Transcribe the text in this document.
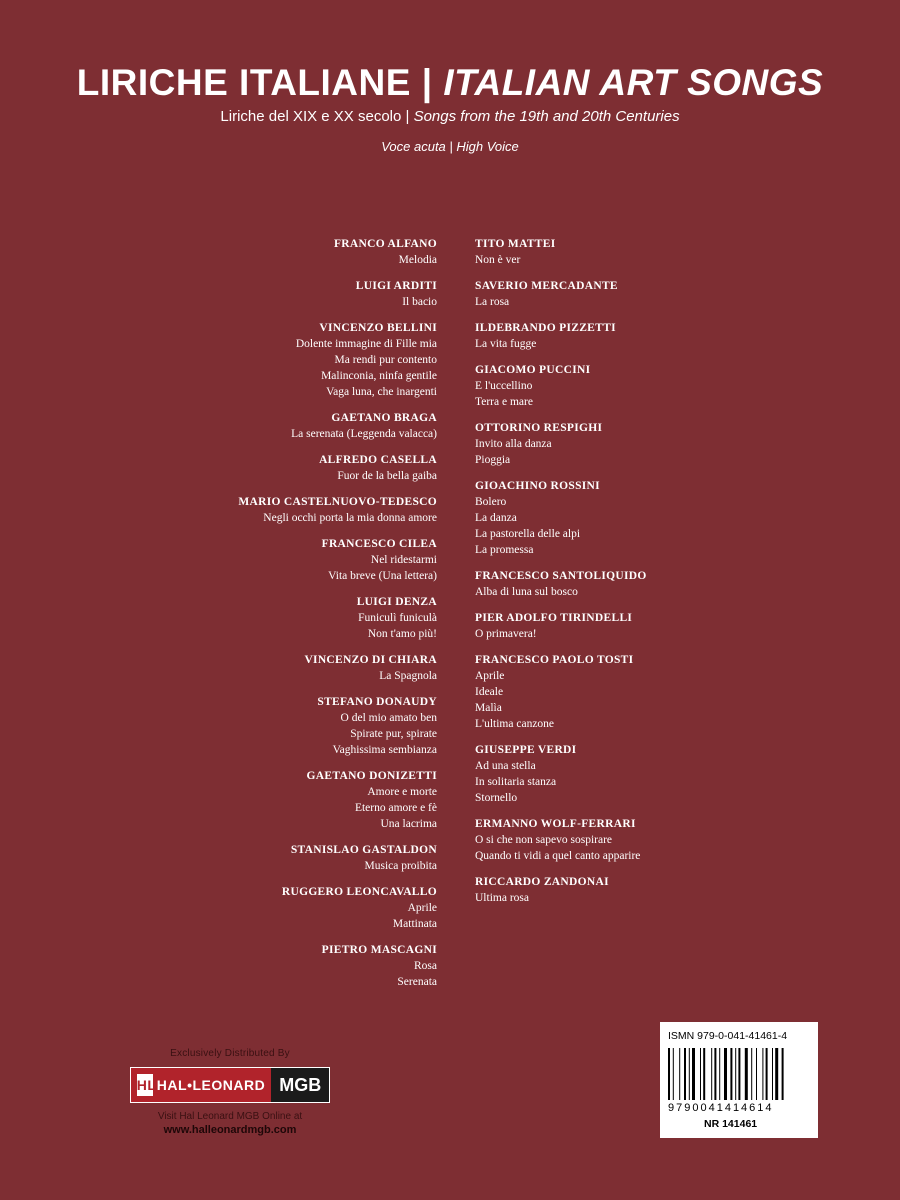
LIRICHE ITALIANE | ITALIAN ART SONGS
Liriche del XIX e XX secolo | Songs from the 19th and 20th Centuries
Voce acuta | High Voice
FRANCO ALFANO
Melodia
LUIGI ARDITI
Il bacio
VINCENZO BELLINI
Dolente immagine di Fille mia
Ma rendi pur contento
Malinconia, ninfa gentile
Vaga luna, che inargenti
GAETANO BRAGA
La serenata (Leggenda valacca)
ALFREDO CASELLA
Fuor de la bella gaiba
MARIO CASTELNUOVO-TEDESCO
Negli occhi porta la mia donna amore
FRANCESCO CILEA
Nel ridestarmi
Vita breve (Una lettera)
LUIGI DENZA
Funiculì funiculà
Non t'amo più!
VINCENZO DI CHIARA
La Spagnola
STEFANO DONAUDY
O del mio amato ben
Spirate pur, spirate
Vaghissima sembianza
GAETANO DONIZETTI
Amore e morte
Eterno amore e fè
Una lacrima
STANISLAO GASTALDON
Musica proibita
RUGGERO LEONCAVALLO
Aprile
Mattinata
PIETRO MASCAGNI
Rosa
Serenata
TITO MATTEI
Non è ver
SAVERIO MERCADANTE
La rosa
ILDEBRANDO PIZZETTI
La vita fugge
GIACOMO PUCCINI
E l'uccellino
Terra e mare
OTTORINO RESPIGHI
Invito alla danza
Pioggia
GIOACHINO ROSSINI
Bolero
La danza
La pastorella delle alpi
La promessa
FRANCESCO SANTOLIQUIDO
Alba di luna sul bosco
PIER ADOLFO TIRINDELLI
O primavera!
FRANCESCO PAOLO TOSTI
Aprile
Ideale
Malìa
L'ultima canzone
GIUSEPPE VERDI
Ad una stella
In solitaria stanza
Stornello
ERMANNO WOLF-FERRARI
O si che non sapevo sospirare
Quando ti vidi a quel canto apparire
RICCARDO ZANDONAI
Ultima rosa
Exclusively Distributed By
HL HAL•LEONARD MGB
Visit Hal Leonard MGB Online at
www.halleonardmgb.com
ISMN 979-0-041-41461-4
9790041414614
NR 141461
